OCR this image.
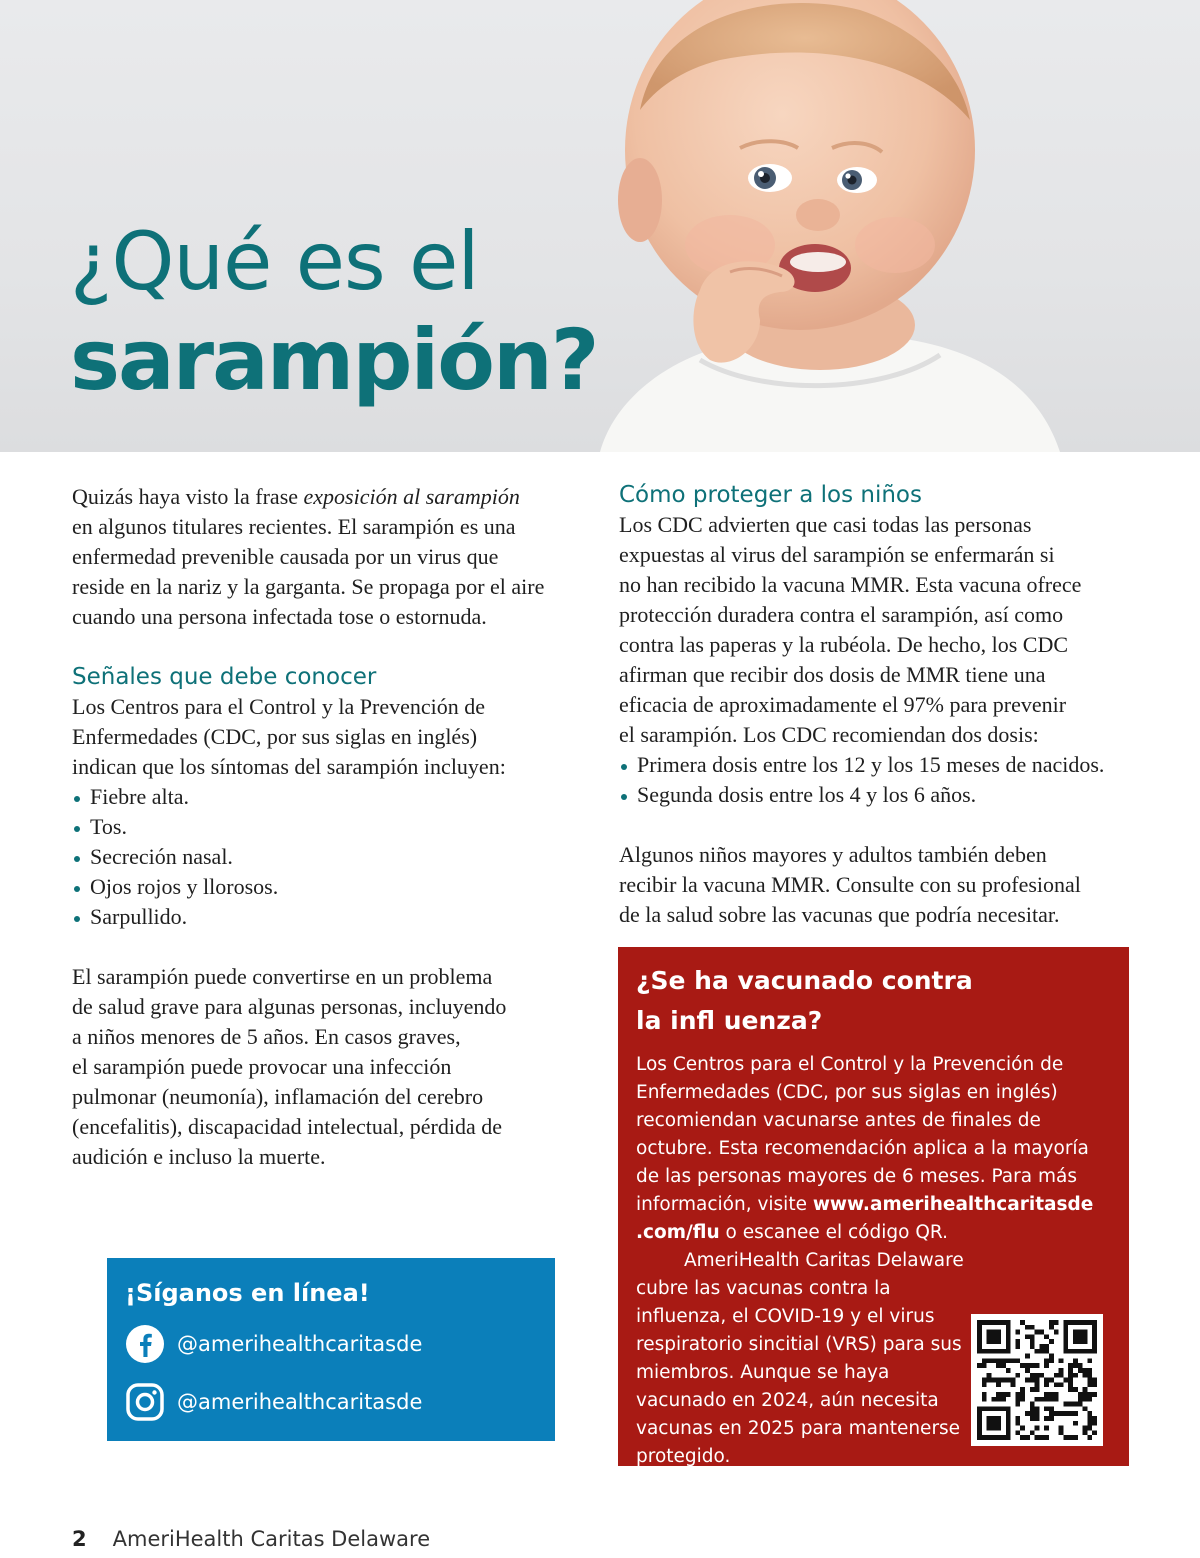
¿Qué es el
sarampión?

Quizás haya visto la frase exposición al sarampión
en algunos titulares recientes. El sarampión es una
enfermedad prevenible causada por un virus que
reside en la nariz y la garganta. Se propaga por el aire
cuando una persona infectada tose o estornuda.

Señales que debe conocer

Los Centros para el Control y la Prevención de
Enfermedades (CDC, por sus siglas en inglés)
indican que los síntomas del sarampión incluyen:

Fiebre alta.
Tos.
Secreción nasal.
Ojos rojos y llorosos.
Sarpullido.

El sarampión puede convertirse en un problema
de salud grave para algunas personas, incluyendo
a niños menores de 5 años. En casos graves,
el sarampión puede provocar una infección
pulmonar (neumonía), inflamación del cerebro
(encefalitis), discapacidad intelectual, pérdida de
audición e incluso la muerte.

Cómo proteger a los niños

Los CDC advierten que casi todas las personas
expuestas al virus del sarampión se enfermarán si
no han recibido la vacuna MMR. Esta vacuna ofrece
protección duradera contra el sarampión, así como
contra las paperas y la rubéola. De hecho, los CDC
afirman que recibir dos dosis de MMR tiene una
eficacia de aproximadamente el 97% para prevenir
el sarampión. Los CDC recomiendan dos dosis:

Primera dosis entre los 12 y los 15 meses de nacidos.
Segunda dosis entre los 4 y los 6 años.

Algunos niños mayores y adultos también deben
recibir la vacuna MMR. Consulte con su profesional
de la salud sobre las vacunas que podría necesitar.

¡Síganos en línea!
@amerihealthcaritasde
@amerihealthcaritasde
¿Se ha vacunado contra la infl uenza?

Los Centros para el Control y la Prevención de Enfermedades (CDC, por sus siglas en inglés) recomiendan vacunarse antes de finales de octubre. Esta recomendación aplica a la mayoría de las personas mayores de 6 meses. Para más información, visite www.amerihealthcaritasde .com/flu o escanee el código QR.

AmeriHealth Caritas Delaware cubre las vacunas contra la influenza, el COVID-19 y el virus respiratorio sincitial (VRS) para sus miembros. Aunque se haya vacunado en 2024, aún necesita vacunas en 2025 para mantenerse protegido.

2 AmeriHealth Caritas Delaware
